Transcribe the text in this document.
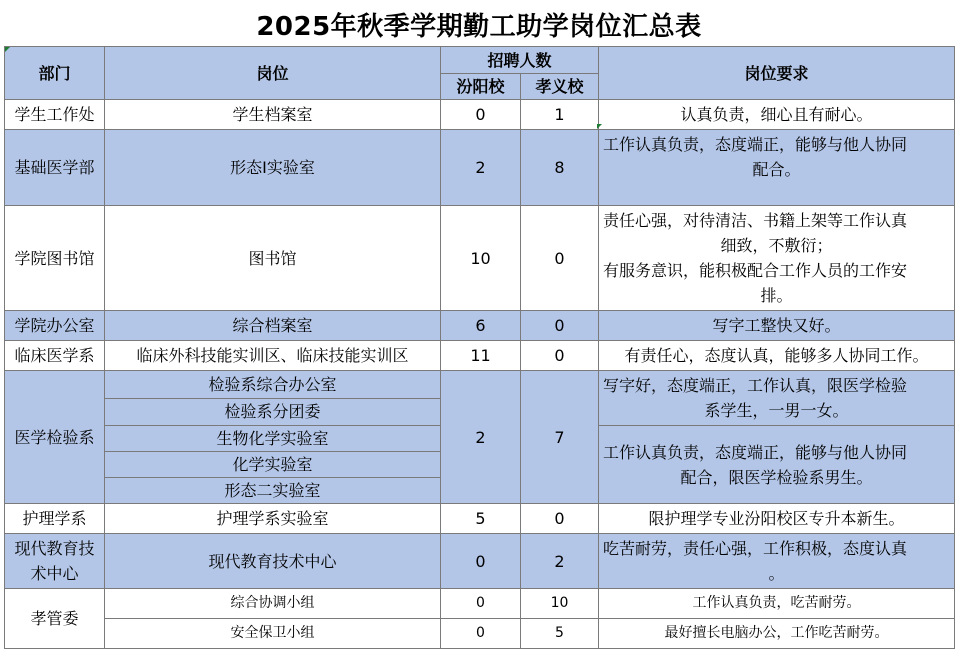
2025年秋季学期勤工助学岗位汇总表
部门	岗位	招聘人数		岗位要求
		汾阳校	孝义校	
学生工作处	学生档案室	0	1	认真负责，细心且有耐心。
基础医学部	形态I实验室	2	8	工作认真负责，态度端正，能够与他人协同
配合。

学院图书馆	图书馆	10	0	责任心强，对待清洁、书籍上架等工作认真
细致，不敷衍；
有服务意识，能积极配合工作人员的工作安
排。

学院办公室	综合档案室	6	0	写字工整快又好。
临床医学系	临床外科技能实训区、临床技能实训区	11	0	有责任心，态度认真，能够多人协同工作。
医学检验系	检验系综合办公室	2	7	写字好，态度端正，工作认真，限医学检验
系学生，一男一女。

	检验系分团委			
	生物化学实验室			工作认真负责，态度端正，能够与他人协同
配合，限医学检验系男生。

	化学实验室			
	形态二实验室			
护理学系	护理学系实验室	5	0	限护理学专业汾阳校区专升本新生。

现代教育技
术中心	现代教育技术中心	0	2	吃苦耐劳，责任心强，工作积极，态度认真
。

孝管委	综合协调小组	0	10	工作认真负责，吃苦耐劳。
	安全保卫小组	0	5	最好擅长电脑办公，工作吃苦耐劳。
